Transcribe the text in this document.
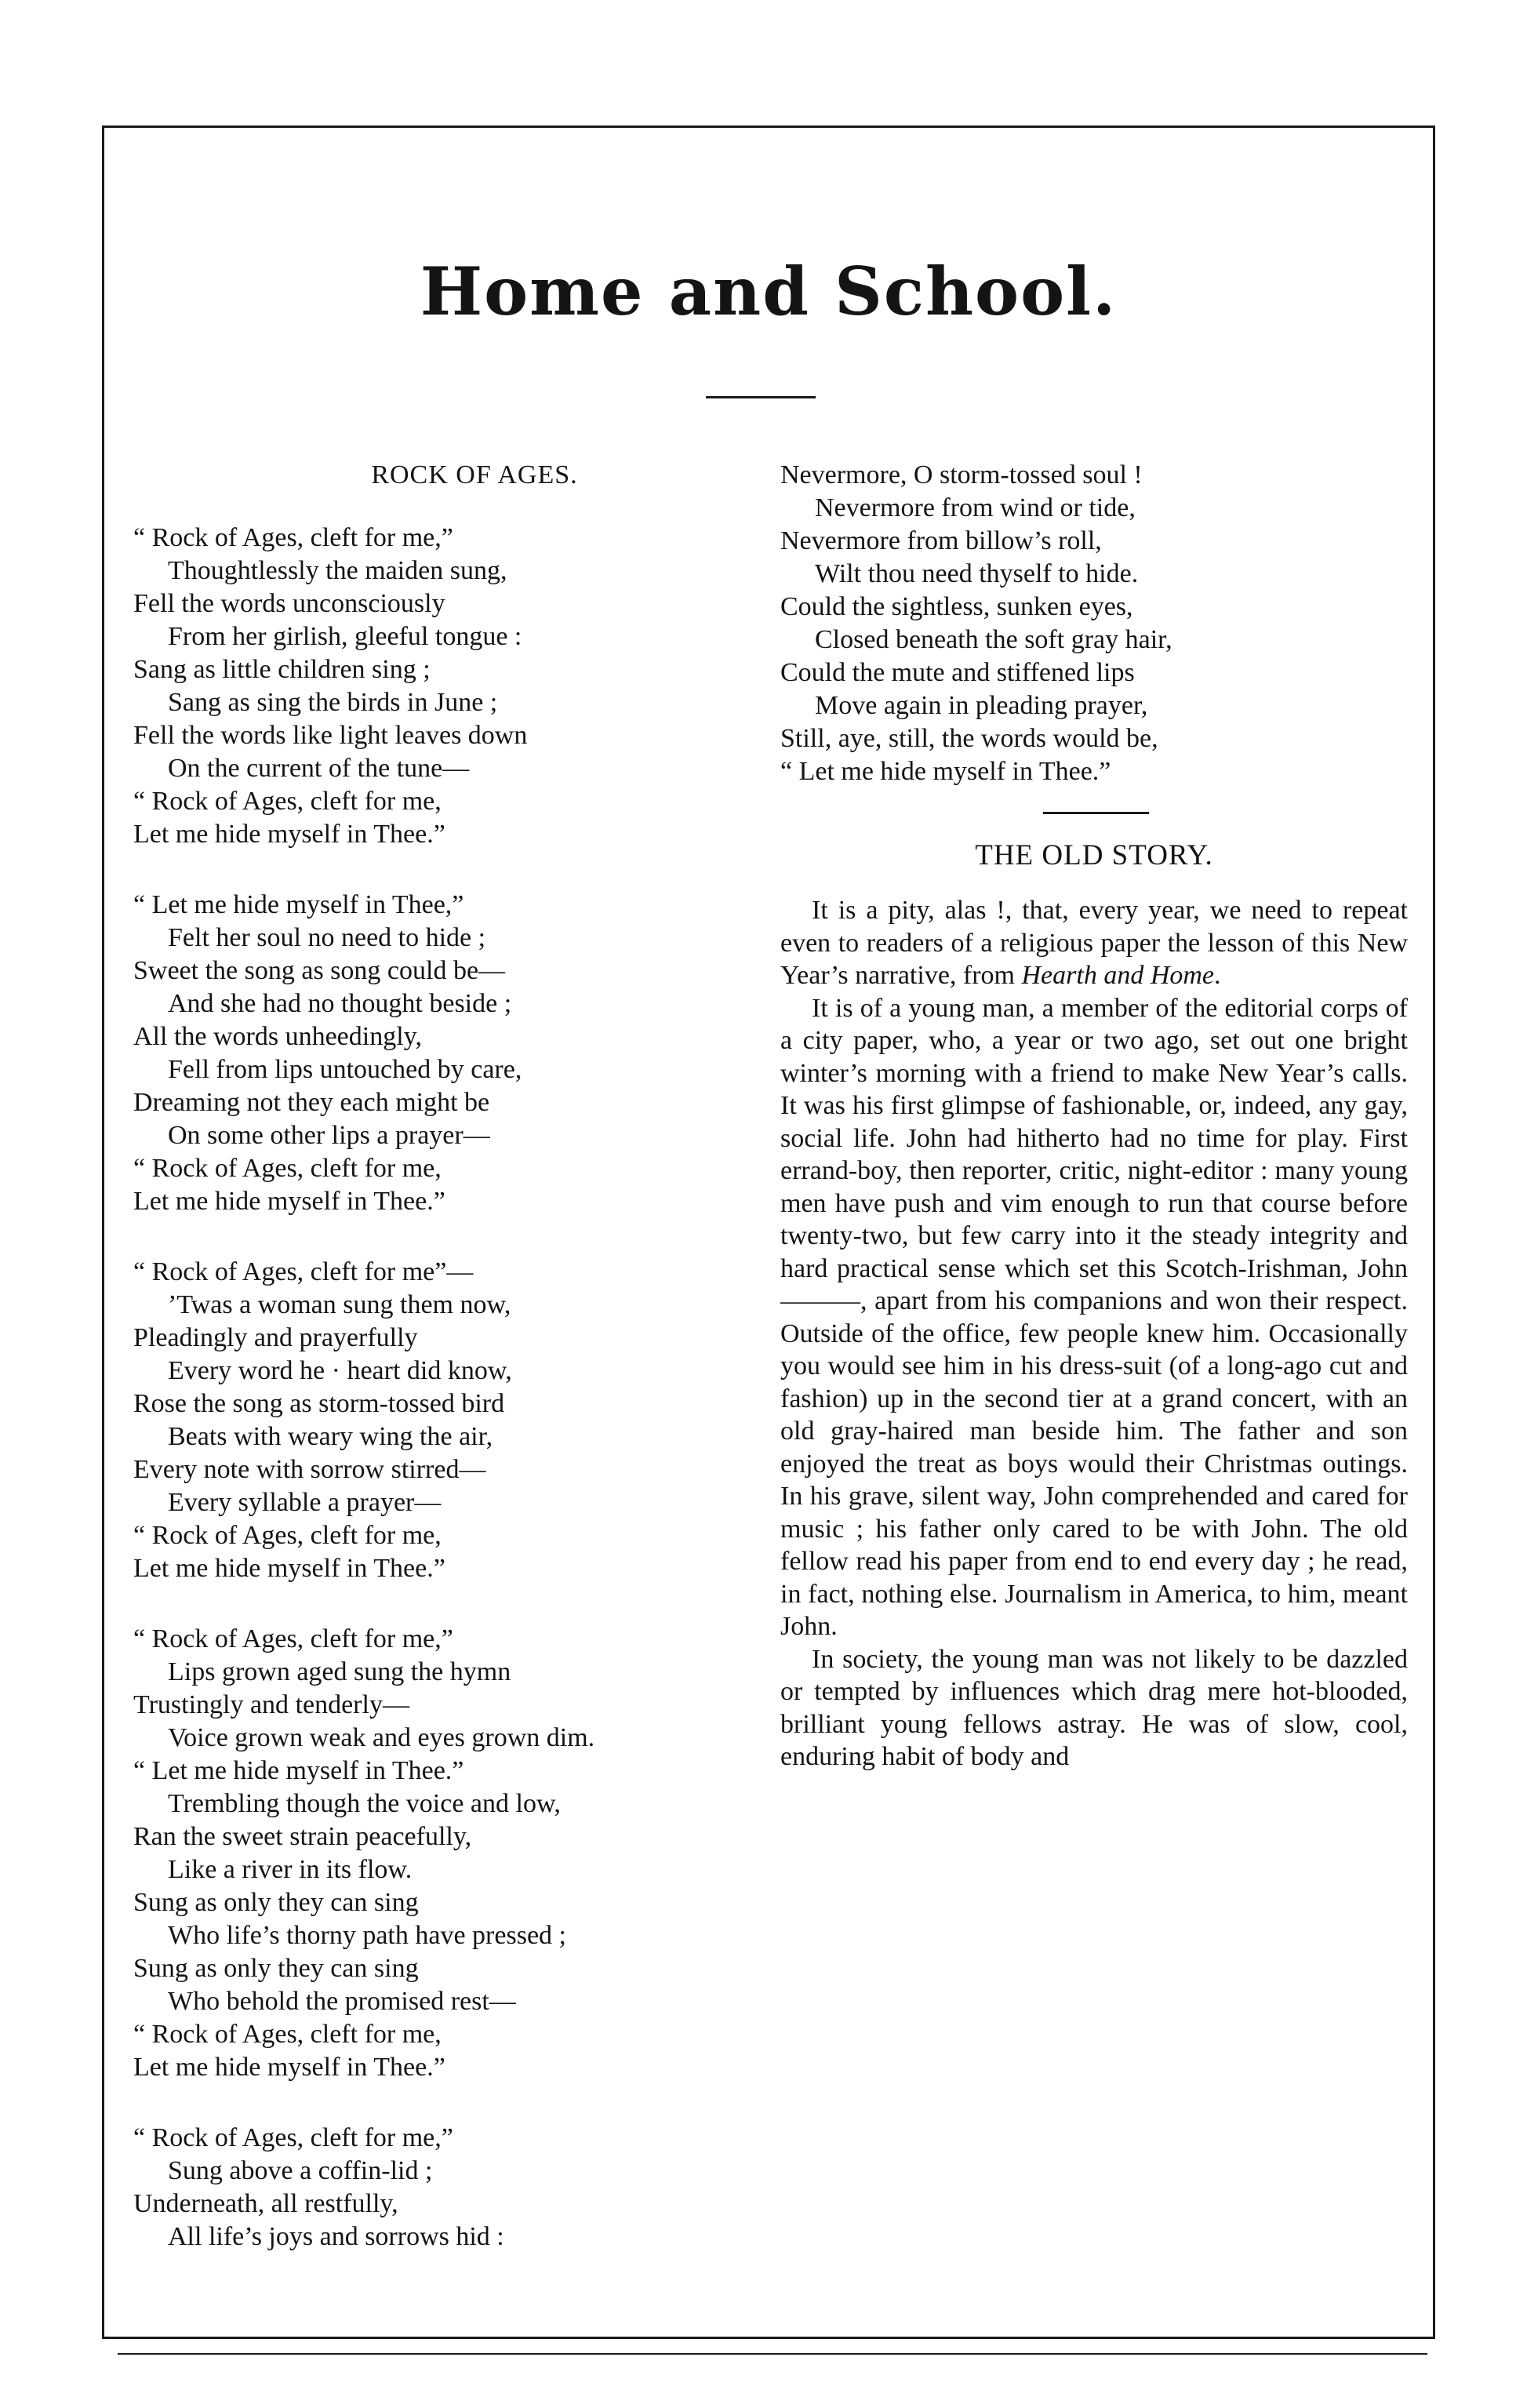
Home and School.
ROCK OF AGES.
“ Rock of Ages, cleft for me,”
Thoughtlessly the maiden sung,
Fell the words unconsciously
From her girlish, gleeful tongue :
Sang as little children sing ;
Sang as sing the birds in June ;
Fell the words like light leaves down
On the current of the tune—
“ Rock of Ages, cleft for me,
Let me hide myself in Thee.”
“ Let me hide myself in Thee,”
Felt her soul no need to hide ;
Sweet the song as song could be—
And she had no thought beside ;
All the words unheedingly,
Fell from lips untouched by care,
Dreaming not they each might be
On some other lips a prayer—
“ Rock of Ages, cleft for me,
Let me hide myself in Thee.”
“ Rock of Ages, cleft for me”—
’Twas a woman sung them now,
Pleadingly and prayerfully
Every word he · heart did know,
Rose the song as storm-tossed bird
Beats with weary wing the air,
Every note with sorrow stirred—
Every syllable a prayer—
“ Rock of Ages, cleft for me,
Let me hide myself in Thee.”
“ Rock of Ages, cleft for me,”
Lips grown aged sung the hymn
Trustingly and tenderly—
Voice grown weak and eyes grown dim.
“ Let me hide myself in Thee.”
Trembling though the voice and low,
Ran the sweet strain peacefully,
Like a river in its flow.
Sung as only they can sing
Who life’s thorny path have pressed ;
Sung as only they can sing
Who behold the promised rest—
“ Rock of Ages, cleft for me,
Let me hide myself in Thee.”
“ Rock of Ages, cleft for me,”
Sung above a coffin-lid ;
Underneath, all restfully,
All life’s joys and sorrows hid :
Nevermore, O storm-tossed soul !
Nevermore from wind or tide,
Nevermore from billow’s roll,
Wilt thou need thyself to hide.
Could the sightless, sunken eyes,
Closed beneath the soft gray hair,
Could the mute and stiffened lips
Move again in pleading prayer,
Still, aye, still, the words would be,
“ Let me hide myself in Thee.”
THE OLD STORY.

It is a pity, alas !, that, every year, we need to repeat even to readers of a religious paper the lesson of this New Year’s narrative, from Hearth and Home.

It is of a young man, a member of the editorial corps of a city paper, who, a year or two ago, set out one bright winter’s morning with a friend to make New Year’s calls. It was his first glimpse of fashionable, or, indeed, any gay, social life. John had hitherto had no time for play. First errand-boy, then reporter, critic, night-editor : many young men have push and vim enough to run that course before twenty-two, but few carry into it the steady integrity and hard practical sense which set this Scotch-Irishman, John———, apart from his companions and won their respect. Outside of the office, few people knew him. Occasionally you would see him in his dress-suit (of a long-ago cut and fashion) up in the second tier at a grand concert, with an old gray-haired man beside him. The father and son enjoyed the treat as boys would their Christmas outings. In his grave, silent way, John comprehended and cared for music ; his father only cared to be with John. The old fellow read his paper from end to end every day ; he read, in fact, nothing else. Journalism in America, to him, meant John.

In society, the young man was not likely to be dazzled or tempted by influences which drag mere hot-blooded, brilliant young fellows astray. He was of slow, cool, enduring habit of body and
